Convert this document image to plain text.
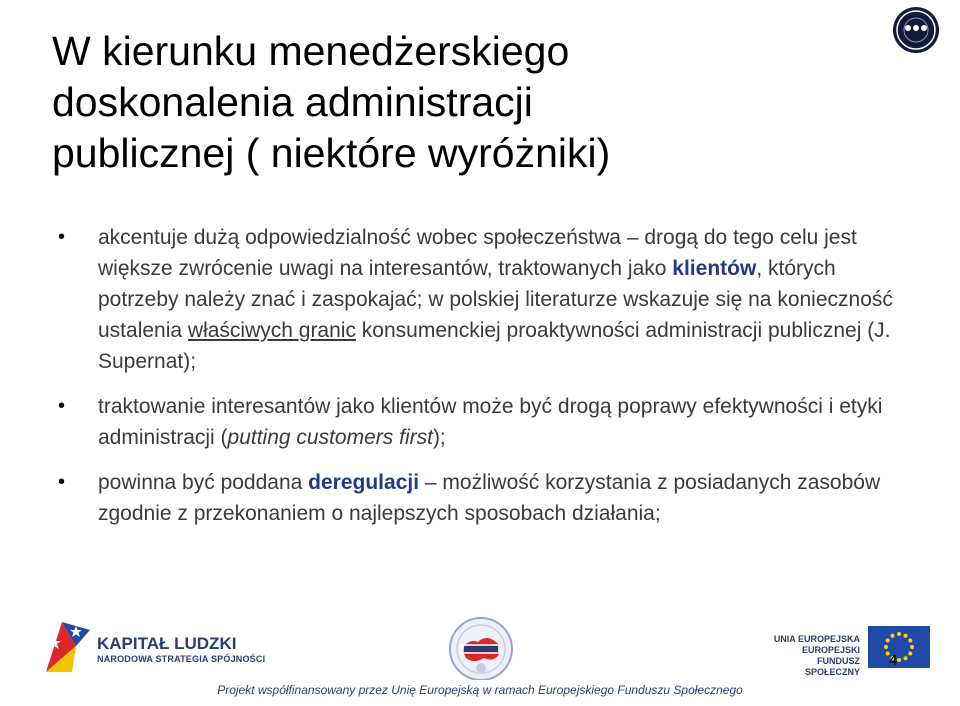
W kierunku menedżerskiego
doskonalenia administracji
publicznej ( niektóre wyróżniki)
• akcentuje dużą odpowiedzialność wobec społeczeństwa – drogą do tego celu jest większe zwrócenie uwagi na interesantów, traktowanych jako klientów, których potrzeby należy znać i zaspokajać; w polskiej literaturze wskazuje się na konieczność ustalenia właściwych granic konsumenckiej proaktywności administracji publicznej (J. Supernat);
• traktowanie interesantów jako klientów może być drogą poprawy efektywności i etyki administracji (putting customers first);
• powinna być poddana deregulacji – możliwość korzystania z posiadanych zasobów zgodnie z przekonaniem o najlepszych sposobach działania;
KAPITAŁ LUDZKI
NARODOWA STRATEGIA SPÓJNOŚCI
UNIA EUROPEJSKA
EUROPEJSKI
FUNDUSZ SPOŁECZNY
4
Projekt współfinansowany przez Unię Europejską w ramach Europejskiego Funduszu Społecznego
